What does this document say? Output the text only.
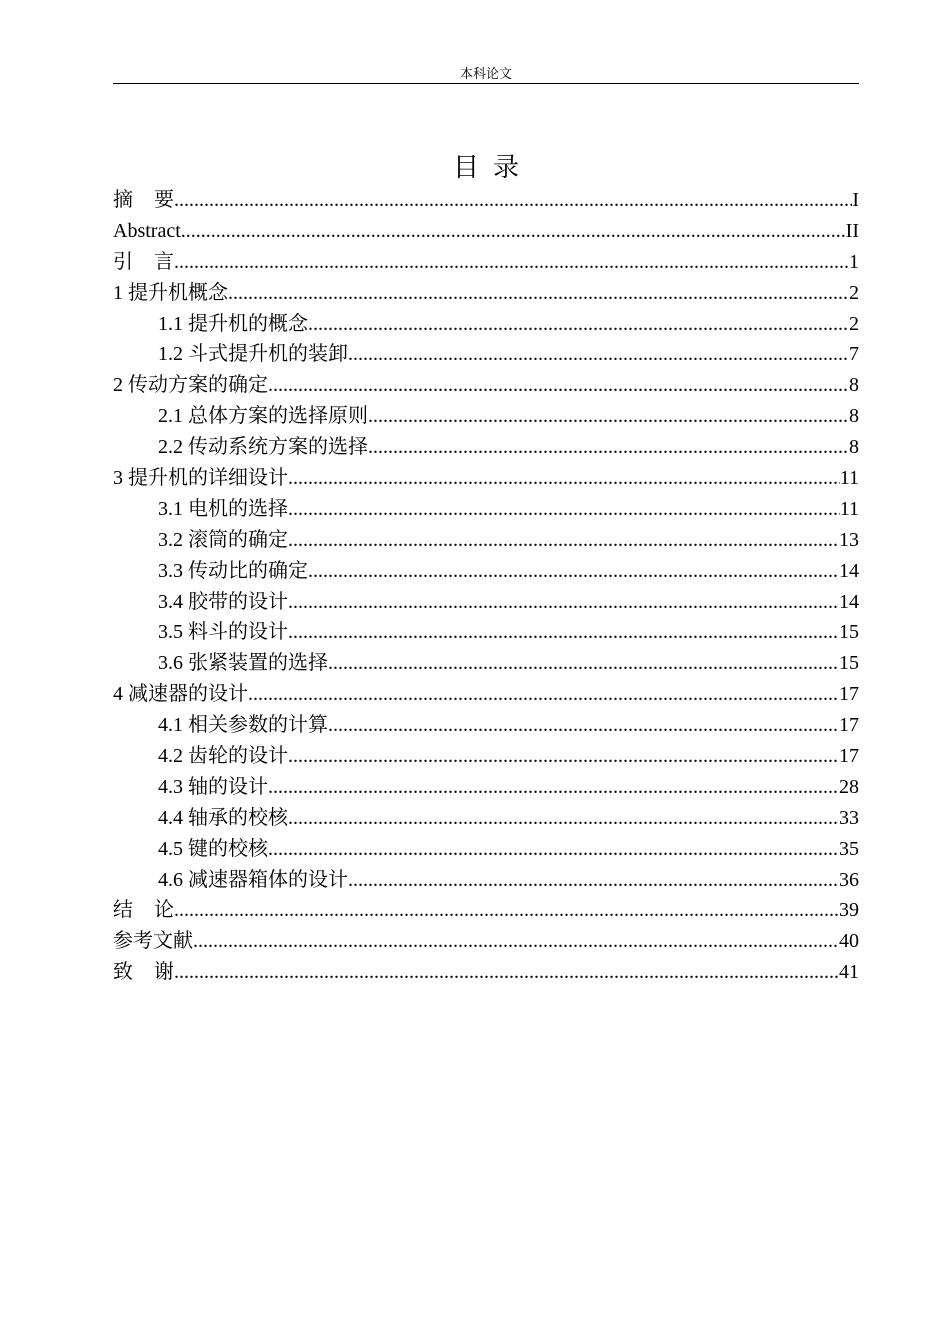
本科论文
目录
摘要 .....	I
Abstract .....	II
引言 .....	1
1 提升机概念 .....	2
1.1 提升机的概念 .....	2
1.2 斗式提升机的装卸 .....	7
2 传动方案的确定 .....	8
2.1 总体方案的选择原则 .....	8
2.2 传动系统方案的选择 .....	8
3 提升机的详细设计 .....	11
3.1 电机的选择 .....	11
3.2 滚筒的确定 .....	13
3.3 传动比的确定 .....	14
3.4 胶带的设计 .....	14
3.5 料斗的设计 .....	15
3.6 张紧装置的选择 .....	15
4 减速器的设计 .....	17
4.1 相关参数的计算 .....	17
4.2 齿轮的设计 .....	17
4.3 轴的设计 .....	28
4.4 轴承的校核 .....	33
4.5 键的校核 .....	35
4.6 减速器箱体的设计 .....	36
结论 .....	39
参考文献 .....	40
致谢 .....	41
